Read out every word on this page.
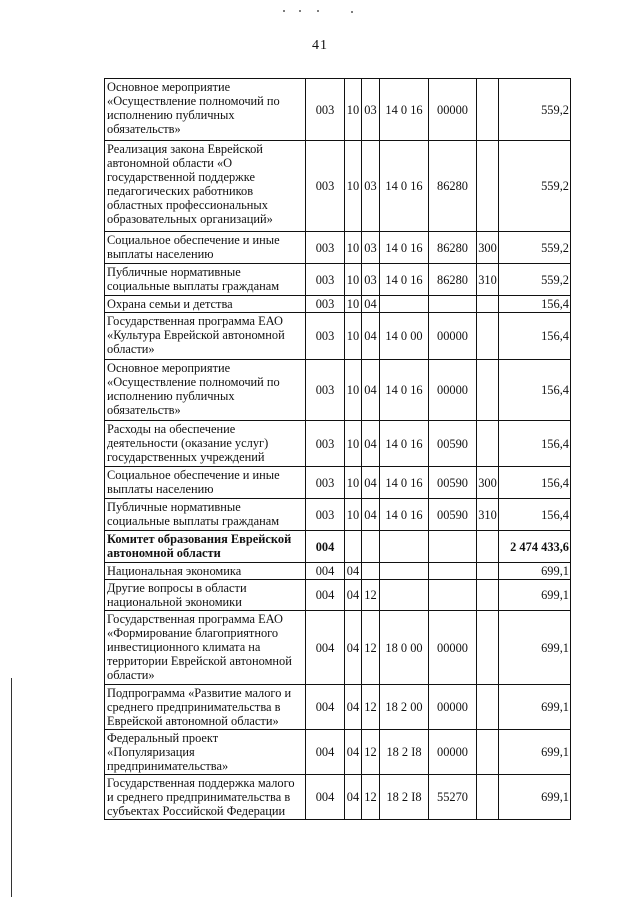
41
Основное мероприятие «Осуществление полномочий по исполнению публичных обязательств»	003	10	03	14 0 16	00000		559,2
Реализация закона Еврейской автономной области «О государственной поддержке педагогических работников областных профессиональных образовательных организаций»	003	10	03	14 0 16	86280		559,2
Социальное обеспечение и иные выплаты населению	003	10	03	14 0 16	86280	300	559,2
Публичные нормативные социальные выплаты гражданам	003	10	03	14 0 16	86280	310	559,2
Охрана семьи и детства	003	10	04				156,4
Государственная программа ЕАО «Культура Еврейской автономной области»	003	10	04	14 0 00	00000		156,4
Основное мероприятие «Осуществление полномочий по исполнению публичных обязательств»	003	10	04	14 0 16	00000		156,4
Расходы на обеспечение деятельности (оказание услуг) государственных учреждений	003	10	04	14 0 16	00590		156,4
Социальное обеспечение и иные выплаты населению	003	10	04	14 0 16	00590	300	156,4
Публичные нормативные социальные выплаты гражданам	003	10	04	14 0 16	00590	310	156,4
Комитет образования Еврейской автономной области	004						2 474 433,6
Национальная экономика	004	04					699,1
Другие вопросы в области национальной экономики	004	04	12				699,1
Государственная программа ЕАО «Формирование благоприятного инвестиционного климата на территории Еврейской автономной области»	004	04	12	18 0 00	00000		699,1
Подпрограмма «Развитие малого и среднего предпринимательства в Еврейской автономной области»	004	04	12	18 2 00	00000		699,1
Федеральный проект «Популяризация предпринимательства»	004	04	12	18 2 I8	00000		699,1
Государственная поддержка малого и среднего предпринимательства в субъектах Российской Федерации	004	04	12	18 2 I8	55270		699,1
